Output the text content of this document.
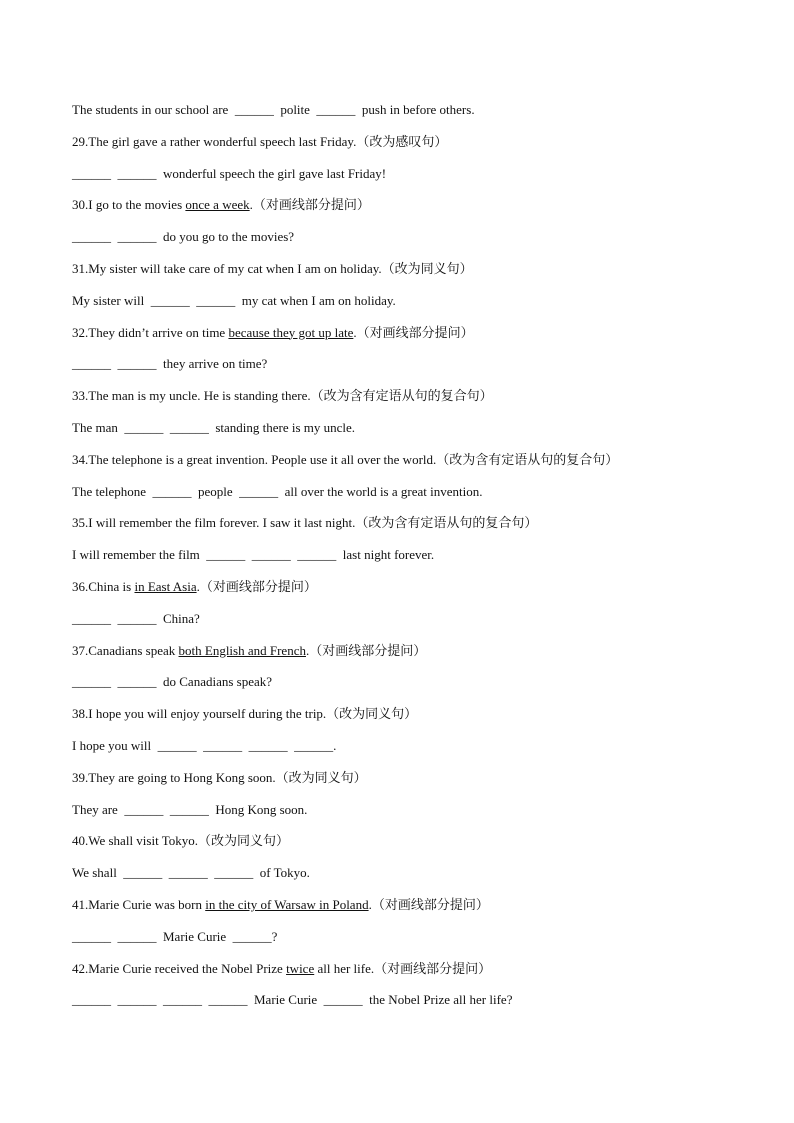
The students in our school are  ______  polite  ______  push in before others.
29.The girl gave a rather wonderful speech last Friday.（改为感叹句）
______  ______  wonderful speech the girl gave last Friday!
30.I go to the movies once a week.（对画线部分提问）
______  ______  do you go to the movies?
31.My sister will take care of my cat when I am on holiday.（改为同义句）
My sister will  ______  ______  my cat when I am on holiday.
32.They didn’t arrive on time because they got up late.（对画线部分提问）
______  ______  they arrive on time?
33.The man is my uncle. He is standing there.（改为含有定语从句的复合句）
The man  ______  ______  standing there is my uncle.
34.The telephone is a great invention. People use it all over the world.（改为含有定语从句的复合句）
The telephone  ______  people  ______  all over the world is a great invention.
35.I will remember the film forever. I saw it last night.（改为含有定语从句的复合句）
I will remember the film  ______  ______  ______  last night forever.
36.China is in East Asia.（对画线部分提问）
______  ______  China?
37.Canadians speak both English and French.（对画线部分提问）
______  ______  do Canadians speak?
38.I hope you will enjoy yourself during the trip.（改为同义句）
I hope you will  ______  ______  ______  ______.
39.They are going to Hong Kong soon.（改为同义句）
They are  ______  ______  Hong Kong soon.
40.We shall visit Tokyo.（改为同义句）
We shall  ______  ______  ______  of Tokyo.
41.Marie Curie was born in the city of Warsaw in Poland.（对画线部分提问）
______  ______  Marie Curie  ______?
42.Marie Curie received the Nobel Prize twice all her life.（对画线部分提问）
______  ______  ______  ______  Marie Curie  ______  the Nobel Prize all her life?
